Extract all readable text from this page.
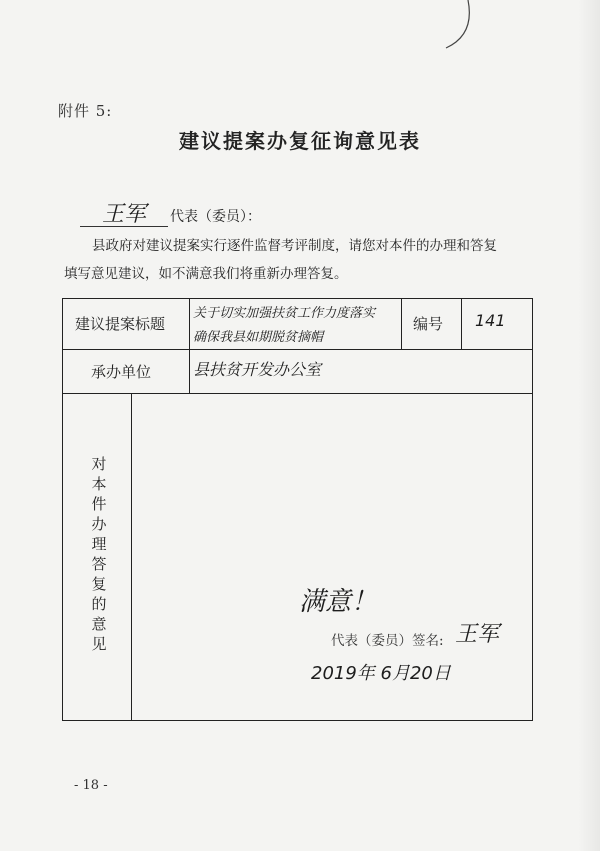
附件 5:
建议提案办复征询意见表
王军 代表（委员）：
县政府对建议提案实行逐件监督考评制度，请您对本件的办理和答复
填写意见建议，如不满意我们将重新办理答复。
建议提案标题
关于切实加强扶贫工作力度落实
确保我县如期脱贫摘帽
编号 141
承办单位	县扶贫开发办公室
对
本
件
办
理
答
复
的
意
见
满意！
代表（委员）签名: 王军
2019年 6月20日
- 18 -
